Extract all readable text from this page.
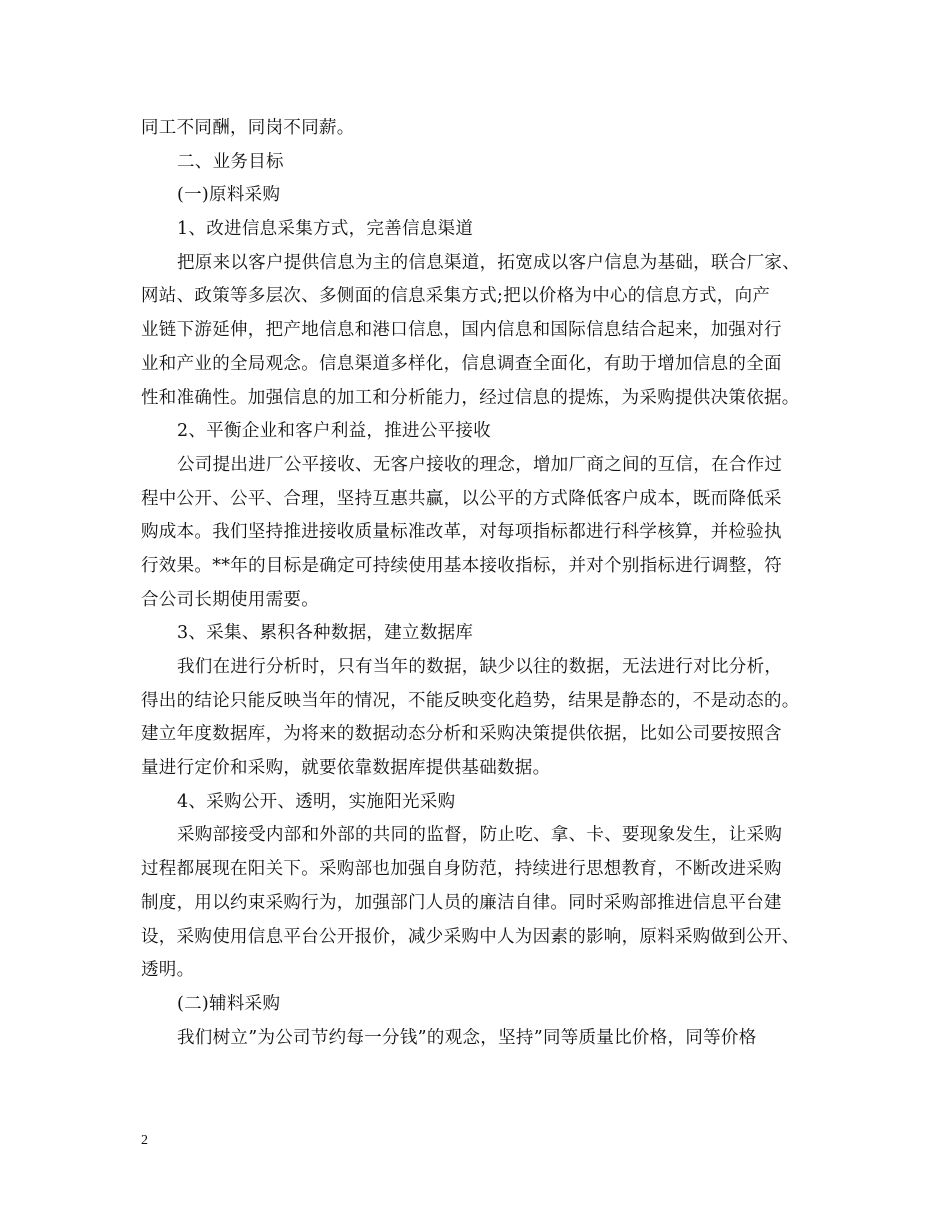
同工不同酬，同岗不同薪。
二、业务目标
(一)原料采购
1、改进信息采集方式，完善信息渠道
把原来以客户提供信息为主的信息渠道，拓宽成以客户信息为基础，联合厂家、
网站、政策等多层次、多侧面的信息采集方式;把以价格为中心的信息方式，向产
业链下游延伸，把产地信息和港口信息，国内信息和国际信息结合起来，加强对行
业和产业的全局观念。信息渠道多样化，信息调查全面化，有助于增加信息的全面
性和准确性。加强信息的加工和分析能力，经过信息的提炼，为采购提供决策依据。
2、平衡企业和客户利益，推进公平接收
公司提出进厂公平接收、无客户接收的理念，增加厂商之间的互信，在合作过
程中公开、公平、合理，坚持互惠共赢，以公平的方式降低客户成本，既而降低采
购成本。我们坚持推进接收质量标准改革，对每项指标都进行科学核算，并检验执
行效果。**年的目标是确定可持续使用基本接收指标，并对个别指标进行调整，符
合公司长期使用需要。
3、采集、累积各种数据，建立数据库
我们在进行分析时，只有当年的数据，缺少以往的数据，无法进行对比分析，
得出的结论只能反映当年的情况，不能反映变化趋势，结果是静态的，不是动态的。
建立年度数据库，为将来的数据动态分析和采购决策提供依据，比如公司要按照含
量进行定价和采购，就要依靠数据库提供基础数据。
4、采购公开、透明，实施阳光采购
采购部接受内部和外部的共同的监督，防止吃、拿、卡、要现象发生，让采购
过程都展现在阳关下。采购部也加强自身防范，持续进行思想教育，不断改进采购
制度，用以约束采购行为，加强部门人员的廉洁自律。同时采购部推进信息平台建
设，采购使用信息平台公开报价，减少采购中人为因素的影响，原料采购做到公开、
透明。
(二)辅料采购
我们树立”为公司节约每一分钱”的观念，坚持”同等质量比价格，同等价格
2
